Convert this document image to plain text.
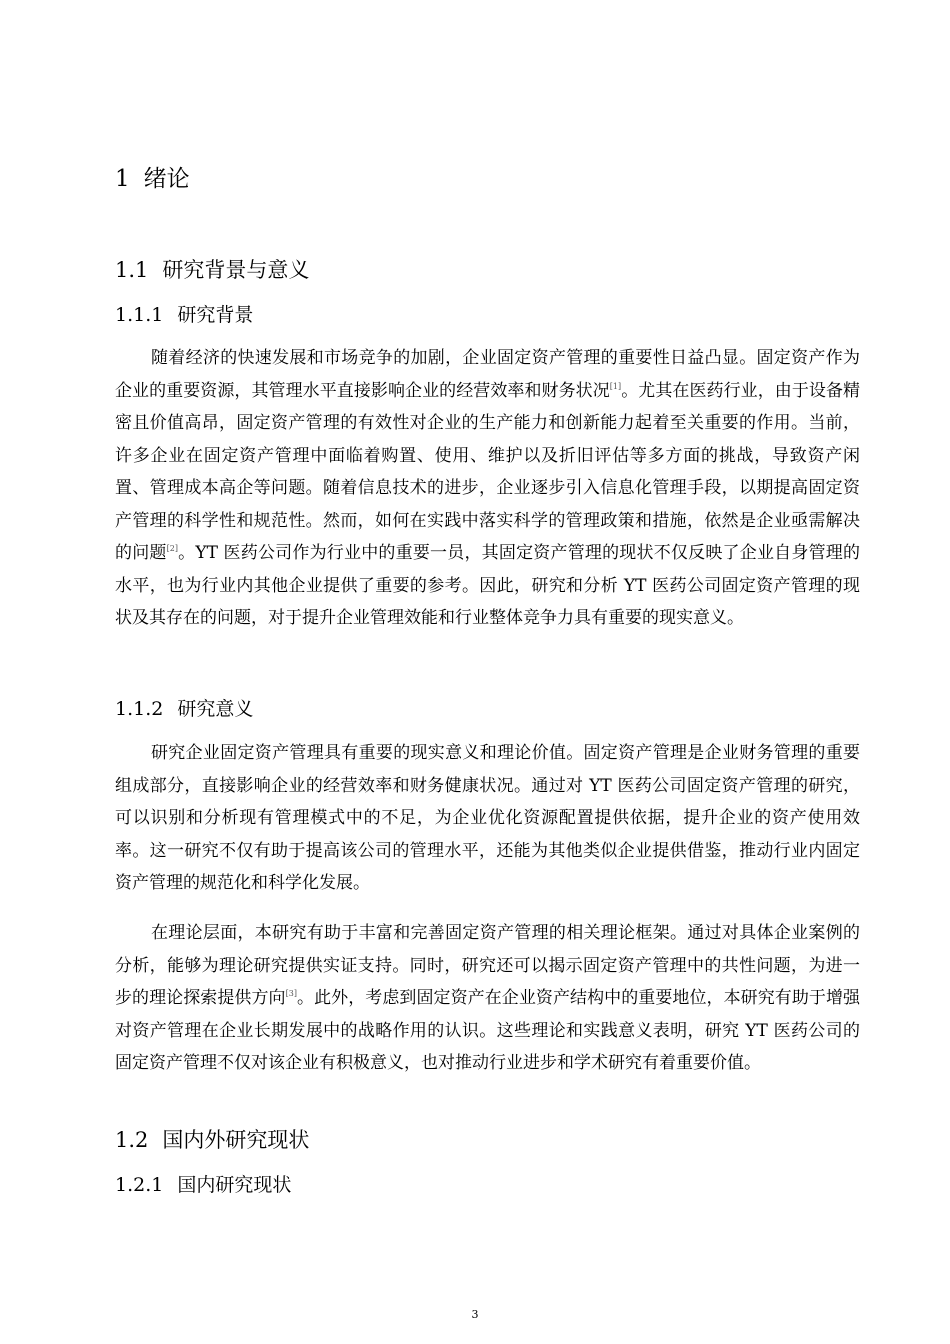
1 绪论
1.1 研究背景与意义
1.1.1 研究背景

随着经济的快速发展和市场竞争的加剧，企业固定资产管理的重要性日益凸显。固定资产作为企业的重要资源，其管理水平直接影响企业的经营效率和财务状况[1]。尤其在医药行业，由于设备精密且价值高昂，固定资产管理的有效性对企业的生产能力和创新能力起着至关重要的作用。当前，许多企业在固定资产管理中面临着购置、使用、维护以及折旧评估等多方面的挑战，导致资产闲置、管理成本高企等问题。随着信息技术的进步，企业逐步引入信息化管理手段，以期提高固定资产管理的科学性和规范性。然而，如何在实践中落实科学的管理政策和措施，依然是企业亟需解决的问题[2]。YT 医药公司作为行业中的重要一员，其固定资产管理的现状不仅反映了企业自身管理的水平，也为行业内其他企业提供了重要的参考。因此，研究和分析 YT 医药公司固定资产管理的现状及其存在的问题，对于提升企业管理效能和行业整体竞争力具有重要的现实意义。

1.1.2 研究意义

研究企业固定资产管理具有重要的现实意义和理论价值。固定资产管理是企业财务管理的重要组成部分，直接影响企业的经营效率和财务健康状况。通过对 YT 医药公司固定资产管理的研究，可以识别和分析现有管理模式中的不足，为企业优化资源配置提供依据，提升企业的资产使用效率。这一研究不仅有助于提高该公司的管理水平，还能为其他类似企业提供借鉴，推动行业内固定资产管理的规范化和科学化发展。

在理论层面，本研究有助于丰富和完善固定资产管理的相关理论框架。通过对具体企业案例的分析，能够为理论研究提供实证支持。同时，研究还可以揭示固定资产管理中的共性问题，为进一步的理论探索提供方向[3]。此外，考虑到固定资产在企业资产结构中的重要地位，本研究有助于增强对资产管理在企业长期发展中的战略作用的认识。这些理论和实践意义表明，研究 YT 医药公司的固定资产管理不仅对该企业有积极意义，也对推动行业进步和学术研究有着重要价值。

1.2 国内外研究现状
1.2.1 国内研究现状
3
